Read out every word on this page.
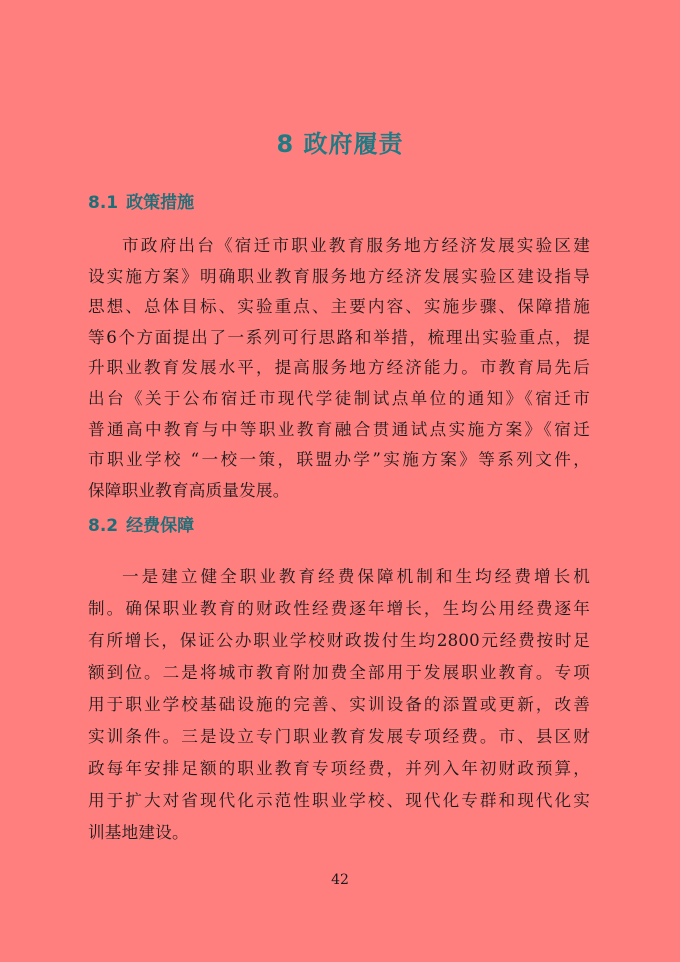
8 政府履责
8.1 政策措施
市政府出台《宿迁市职业教育服务地方经济发展实验区建
设实施方案》明确职业教育服务地方经济发展实验区建设指导
思想、总体目标、实验重点、主要内容、实施步骤、保障措施
等6个方面提出了一系列可行思路和举措，梳理出实验重点，提
升职业教育发展水平，提高服务地方经济能力。市教育局先后
出台《关于公布宿迁市现代学徒制试点单位的通知》《宿迁市
普通高中教育与中等职业教育融合贯通试点实施方案》《宿迁
市职业学校 “一校一策，联盟办学”实施方案》等系列文件，
保障职业教育高质量发展。
8.2 经费保障
一是建立健全职业教育经费保障机制和生均经费增长机
制。确保职业教育的财政性经费逐年增长，生均公用经费逐年
有所增长，保证公办职业学校财政拨付生均2800元经费按时足
额到位。二是将城市教育附加费全部用于发展职业教育。专项
用于职业学校基础设施的完善、实训设备的添置或更新，改善
实训条件。三是设立专门职业教育发展专项经费。市、县区财
政每年安排足额的职业教育专项经费，并列入年初财政预算，
用于扩大对省现代化示范性职业学校、现代化专群和现代化实
训基地建设。
42
